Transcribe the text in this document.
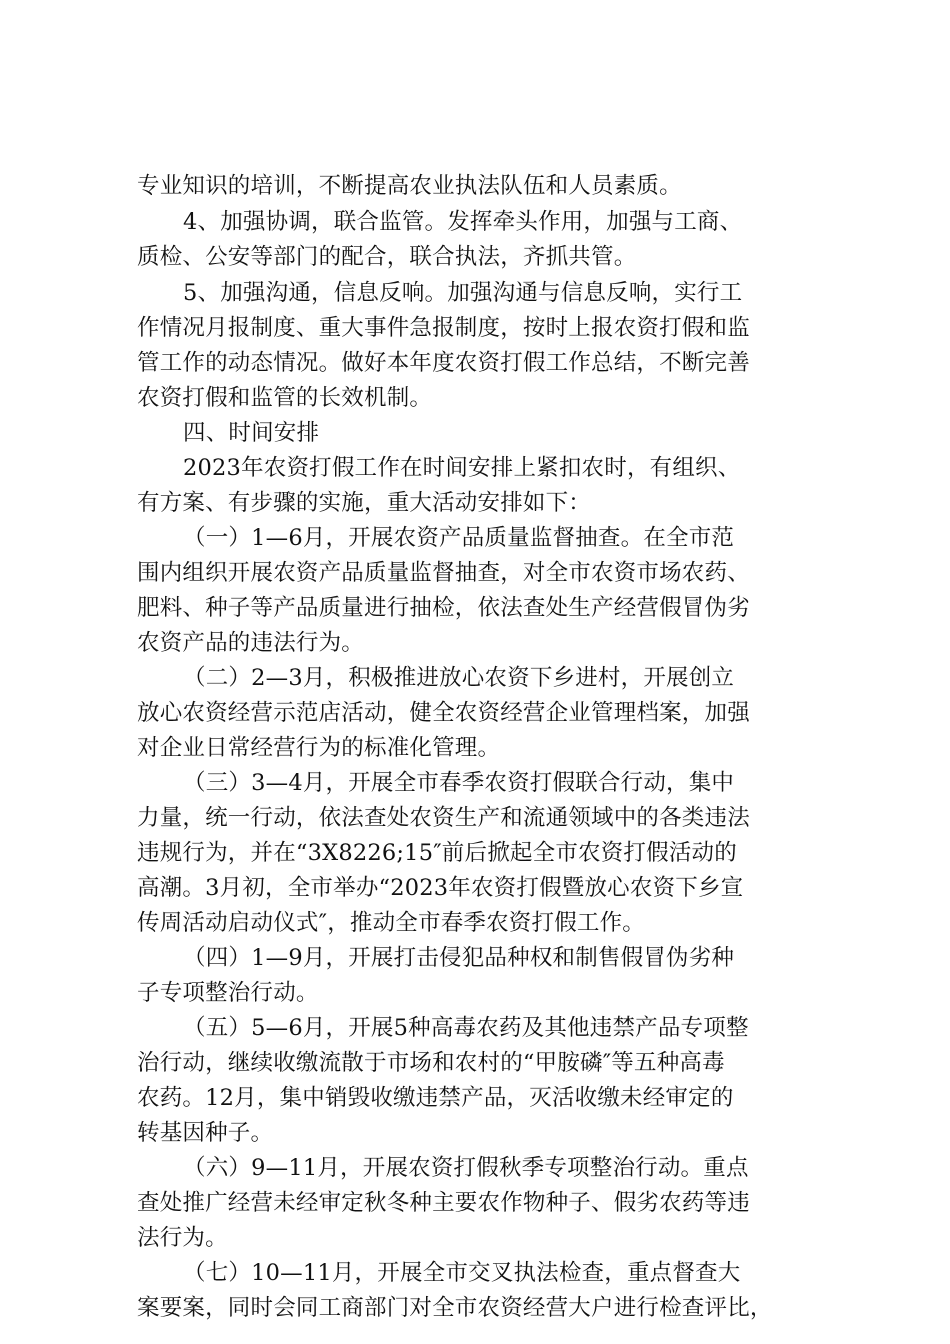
专业知识的培训，不断提高农业执法队伍和人员素质。
4、加强协调，联合监管。发挥牵头作用，加强与工商、
质检、公安等部门的配合，联合执法，齐抓共管。
5、加强沟通，信息反响。加强沟通与信息反响，实行工
作情况月报制度、重大事件急报制度，按时上报农资打假和监
管工作的动态情况。做好本年度农资打假工作总结，不断完善
农资打假和监管的长效机制。
四、时间安排
2023年农资打假工作在时间安排上紧扣农时，有组织、
有方案、有步骤的实施，重大活动安排如下：
（一）1—6月，开展农资产品质量监督抽查。在全市范
围内组织开展农资产品质量监督抽查，对全市农资市场农药、
肥料、种子等产品质量进行抽检，依法查处生产经营假冒伪劣
农资产品的违法行为。
（二）2—3月，积极推进放心农资下乡进村，开展创立
放心农资经营示范店活动，健全农资经营企业管理档案，加强
对企业日常经营行为的标准化管理。
（三）3—4月，开展全市春季农资打假联合行动，集中
力量，统一行动，依法查处农资生产和流通领域中的各类违法
违规行为，并在“3X8226;15″前后掀起全市农资打假活动的
高潮。3月初，全市举办“2023年农资打假暨放心农资下乡宣
传周活动启动仪式″，推动全市春季农资打假工作。
（四）1—9月，开展打击侵犯品种权和制售假冒伪劣种
子专项整治行动。
（五）5—6月，开展5种高毒农药及其他违禁产品专项整
治行动，继续收缴流散于市场和农村的“甲胺磷″等五种高毒
农药。12月，集中销毁收缴违禁产品，灭活收缴未经审定的
转基因种子。
（六）9—11月，开展农资打假秋季专项整治行动。重点
查处推广经营未经审定秋冬种主要农作物种子、假劣农药等违
法行为。
（七）10—11月，开展全市交叉执法检查，重点督查大
案要案，同时会同工商部门对全市农资经营大户进行检查评比，
